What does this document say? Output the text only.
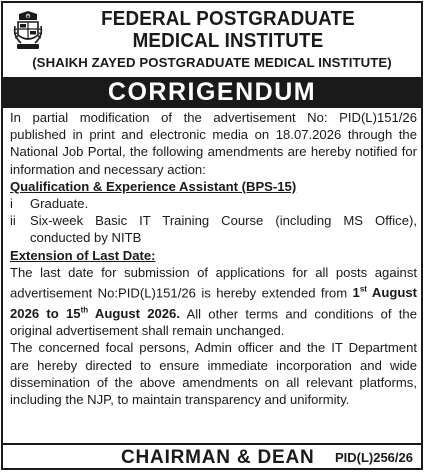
FEDERAL POSTGRADUATE
MEDICAL INSTITUTE
(SHAIKH ZAYED POSTGRADUATE MEDICAL INSTITUTE)
CORRIGENDUM

In partial modification of the advertisement No: PID(L)151/26 published in print and electronic media on 18.07.2026 through the National Job Portal, the following amendments are hereby notified for information and necessary action:

Qualification & Experience Assistant (BPS-15)
i	Graduate.
ii	Six-week Basic IT Training Course (including MS Office), conducted by NITB
Extension of Last Date:

The last date for submission of applications for all posts against advertisement No:PID(L)151/26 is hereby extended from 1st August 2026 to 15th August 2026. All other terms and conditions of the original advertisement shall remain unchanged.

The concerned focal persons, Admin officer and the IT Department are hereby directed to ensure immediate incorporation and wide dissemination of the above amendments on all relevant platforms, including the NJP, to maintain transparency and uniformity.

CHAIRMAN & DEAN PID(L)256/26
